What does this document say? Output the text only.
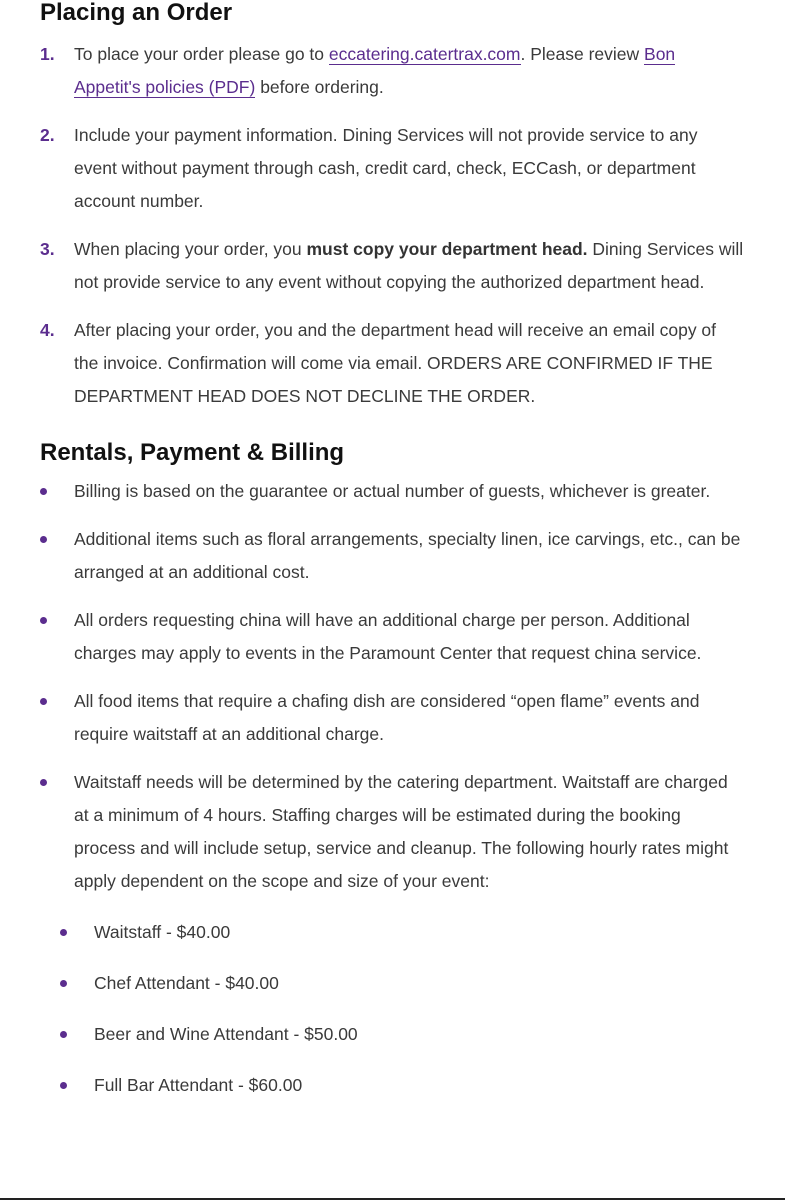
Placing an Order
1. To place your order please go to eccatering.catertrax.com. Please review Bon Appetit's policies (PDF) before ordering.
2. Include your payment information. Dining Services will not provide service to any event without payment through cash, credit card, check, ECCash, or department account number.
3. When placing your order, you must copy your department head. Dining Services will not provide service to any event without copying the authorized department head.
4. After placing your order, you and the department head will receive an email copy of the invoice. Confirmation will come via email. ORDERS ARE CONFIRMED IF THE DEPARTMENT HEAD DOES NOT DECLINE THE ORDER.
Rentals, Payment & Billing
Billing is based on the guarantee or actual number of guests, whichever is greater.
Additional items such as floral arrangements, specialty linen, ice carvings, etc., can be arranged at an additional cost.
All orders requesting china will have an additional charge per person. Additional charges may apply to events in the Paramount Center that request china service.
All food items that require a chafing dish are considered “open flame” events and require waitstaff at an additional charge.
Waitstaff needs will be determined by the catering department. Waitstaff are charged at a minimum of 4 hours. Staffing charges will be estimated during the booking process and will include setup, service and cleanup. The following hourly rates might apply dependent on the scope and size of your event:
Waitstaff - $40.00
Chef Attendant - $40.00
Beer and Wine Attendant - $50.00
Full Bar Attendant - $60.00
